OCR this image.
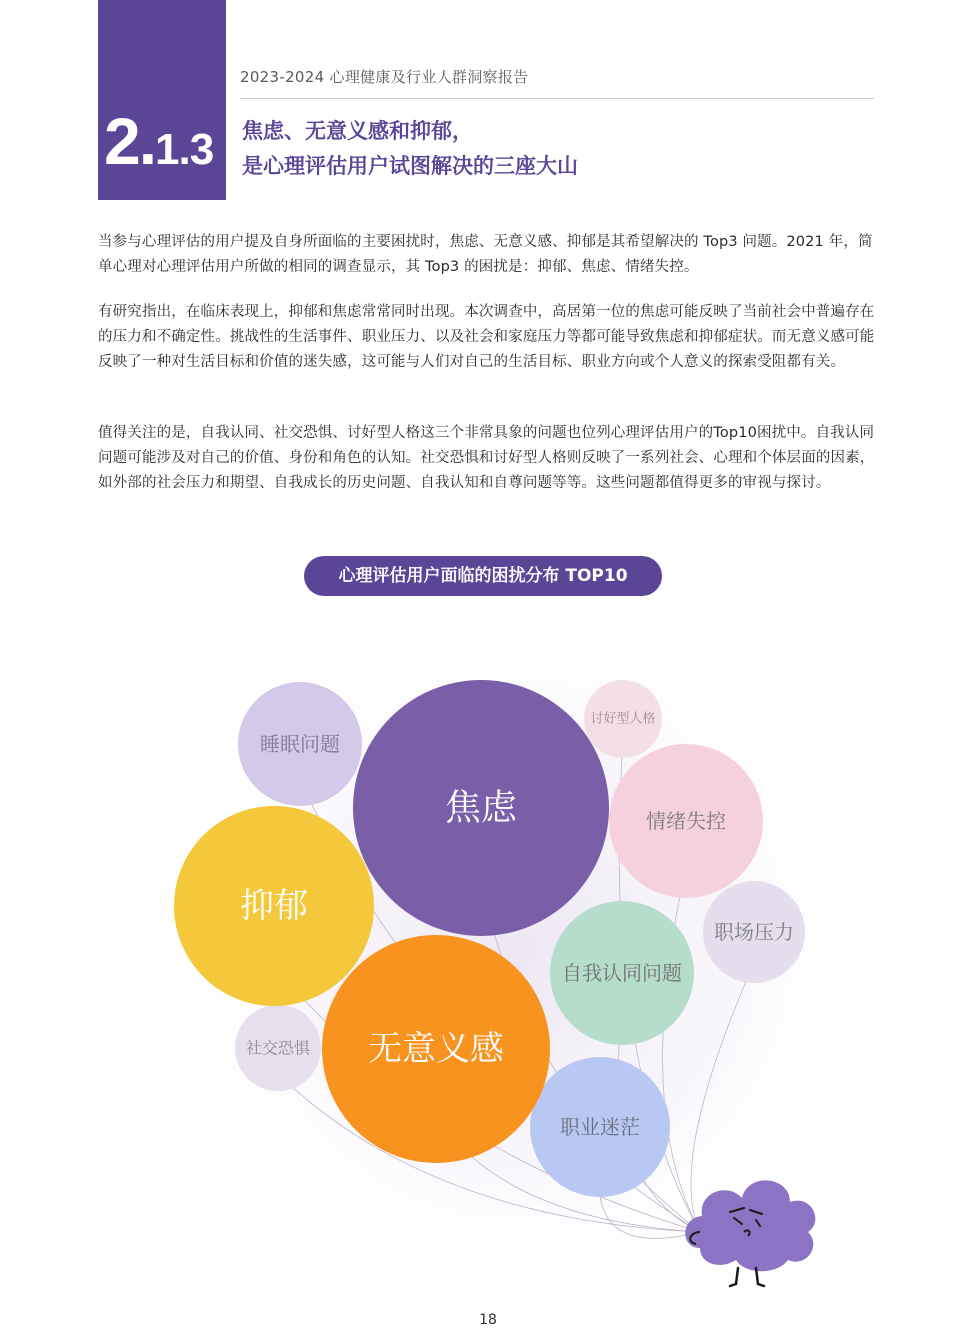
2.1.3
2023-2024 心理健康及行业人群洞察报告
焦虑、无意义感和抑郁，
是心理评估用户试图解决的三座大山

当参与心理评估的用户提及自身所面临的主要困扰时，焦虑、无意义感、抑郁是其希望解决的 Top3 问题。2021 年，简单心理对心理评估用户所做的相同的调查显示，其 Top3 的困扰是：抑郁、焦虑、情绪失控。

有研究指出，在临床表现上，抑郁和焦虑常常同时出现。本次调查中，高居第一位的焦虑可能反映了当前社会中普遍存在的压力和不确定性。挑战性的生活事件、职业压力、以及社会和家庭压力等都可能导致焦虑和抑郁症状。而无意义感可能反映了一种对生活目标和价值的迷失感，这可能与人们对自己的生活目标、职业方向或个人意义的探索受阻都有关。

值得关注的是，自我认同、社交恐惧、讨好型人格这三个非常具象的问题也位列心理评估用户的Top10困扰中。自我认同问题可能涉及对自己的价值、身份和角色的认知。社交恐惧和讨好型人格则反映了一系列社会、心理和个体层面的因素，如外部的社会压力和期望、自我成长的历史问题、自我认知和自尊问题等等。这些问题都值得更多的审视与探讨。

心理评估用户面临的困扰分布 TOP10
讨好型人格
社交恐惧
职场压力
睡眠问题
职业迷茫
情绪失控
自我认同问题
抑郁
无意义感
焦虑
18
